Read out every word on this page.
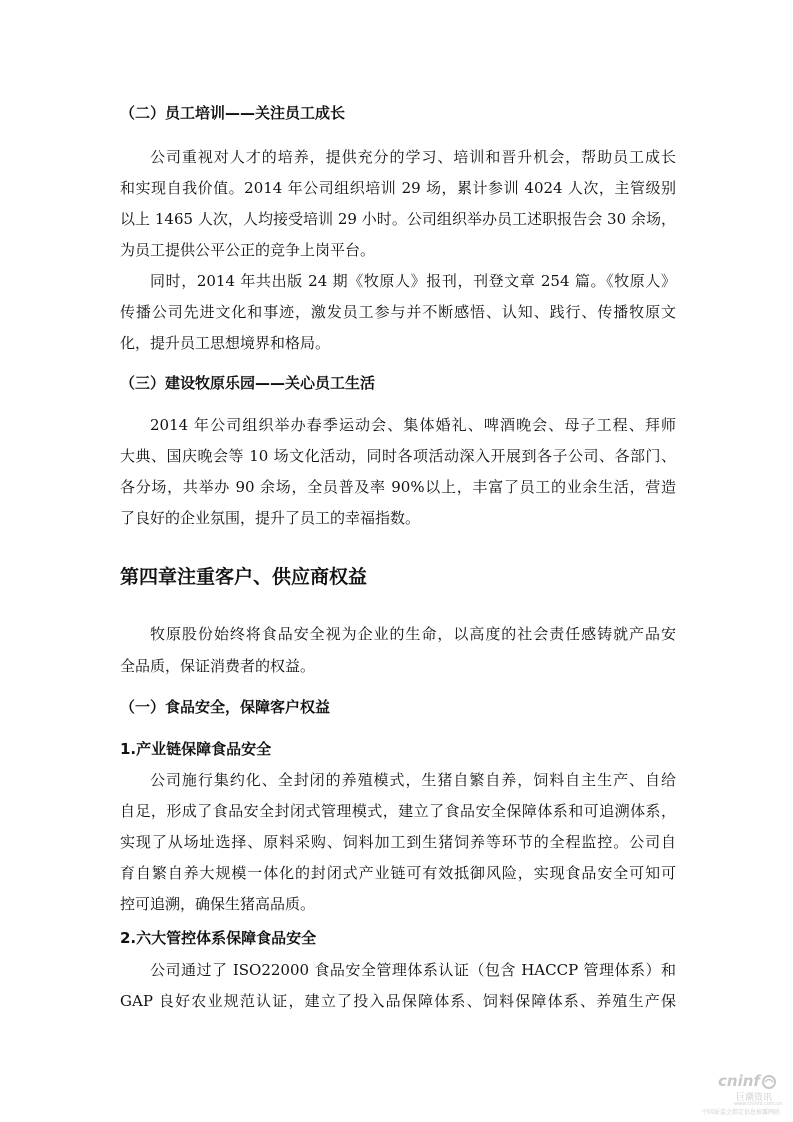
（二）员工培训——关注员工成长
公司重视对人才的培养，提供充分的学习、培训和晋升机会，帮助员工成长
和实现自我价值。2014 年公司组织培训 29 场，累计参训 4024 人次，主管级别
以上 1465 人次，人均接受培训 29 小时。公司组织举办员工述职报告会 30 余场，
为员工提供公平公正的竞争上岗平台。
同时，2014 年共出版 24 期《牧原人》报刊，刊登文章 254 篇。《牧原人》
传播公司先进文化和事迹，激发员工参与并不断感悟、认知、践行、传播牧原文
化，提升员工思想境界和格局。
（三）建设牧原乐园——关心员工生活
2014 年公司组织举办春季运动会、集体婚礼、啤酒晚会、母子工程、拜师
大典、国庆晚会等 10 场文化活动，同时各项活动深入开展到各子公司、各部门、
各分场，共举办 90 余场，全员普及率 90%以上，丰富了员工的业余生活，营造
了良好的企业氛围，提升了员工的幸福指数。
第四章注重客户、供应商权益
牧原股份始终将食品安全视为企业的生命，以高度的社会责任感铸就产品安
全品质，保证消费者的权益。
（一）食品安全，保障客户权益
1.产业链保障食品安全
公司施行集约化、全封闭的养殖模式，生猪自繁自养，饲料自主生产、自给
自足，形成了食品安全封闭式管理模式，建立了食品安全保障体系和可追溯体系，
实现了从场址选择、原料采购、饲料加工到生猪饲养等环节的全程监控。公司自
育自繁自养大规模一体化的封闭式产业链可有效抵御风险，实现食品安全可知可
控可追溯，确保生猪高品质。
2.六大管控体系保障食品安全
公司通过了 ISO22000 食品安全管理体系认证（包含 HACCP 管理体系）和
GAP 良好农业规范认证，建立了投入品保障体系、饲料保障体系、养殖生产保
cninf
巨潮资讯
www.cninfo.com.cn
中国证监会指定信息披露网站
